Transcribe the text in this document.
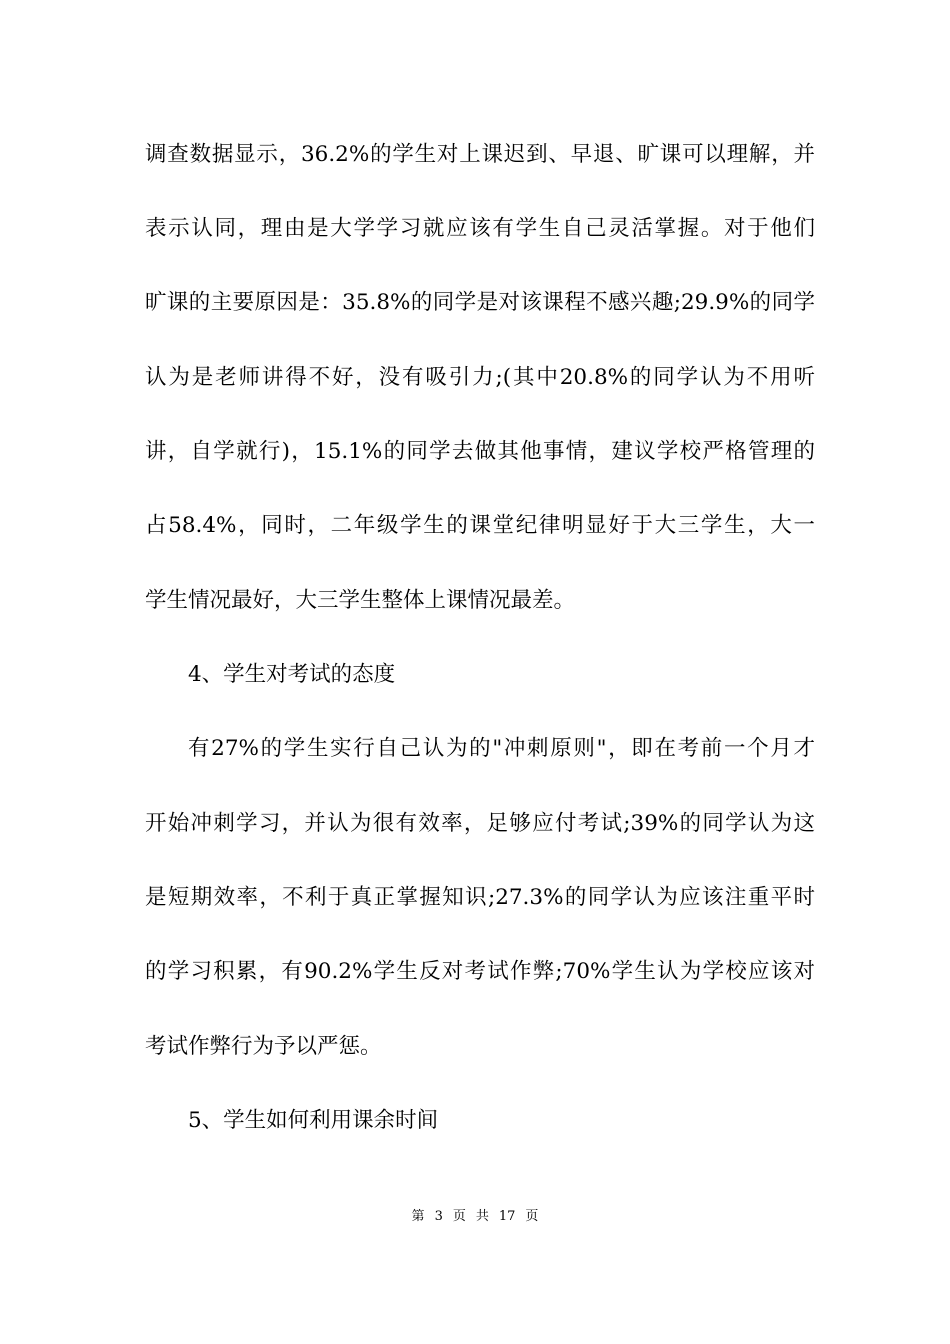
调查数据显示，36.2%的学生对上课迟到、早退、旷课可以理解，并
表示认同，理由是大学学习就应该有学生自己灵活掌握。对于他们
旷课的主要原因是：35.8%的同学是对该课程不感兴趣;29.9%的同学
认为是老师讲得不好，没有吸引力;(其中20.8%的同学认为不用听
讲，自学就行)，15.1%的同学去做其他事情，建议学校严格管理的
占58.4%，同时，二年级学生的课堂纪律明显好于大三学生，大一
学生情况最好，大三学生整体上课情况最差。
4、学生对考试的态度
有27%的学生实行自己认为的"冲刺原则"，即在考前一个月才
开始冲刺学习，并认为很有效率，足够应付考试;39%的同学认为这
是短期效率，不利于真正掌握知识;27.3%的同学认为应该注重平时
的学习积累，有90.2%学生反对考试作弊;70%学生认为学校应该对
考试作弊行为予以严惩。
5、学生如何利用课余时间
第 3 页 共 17 页
